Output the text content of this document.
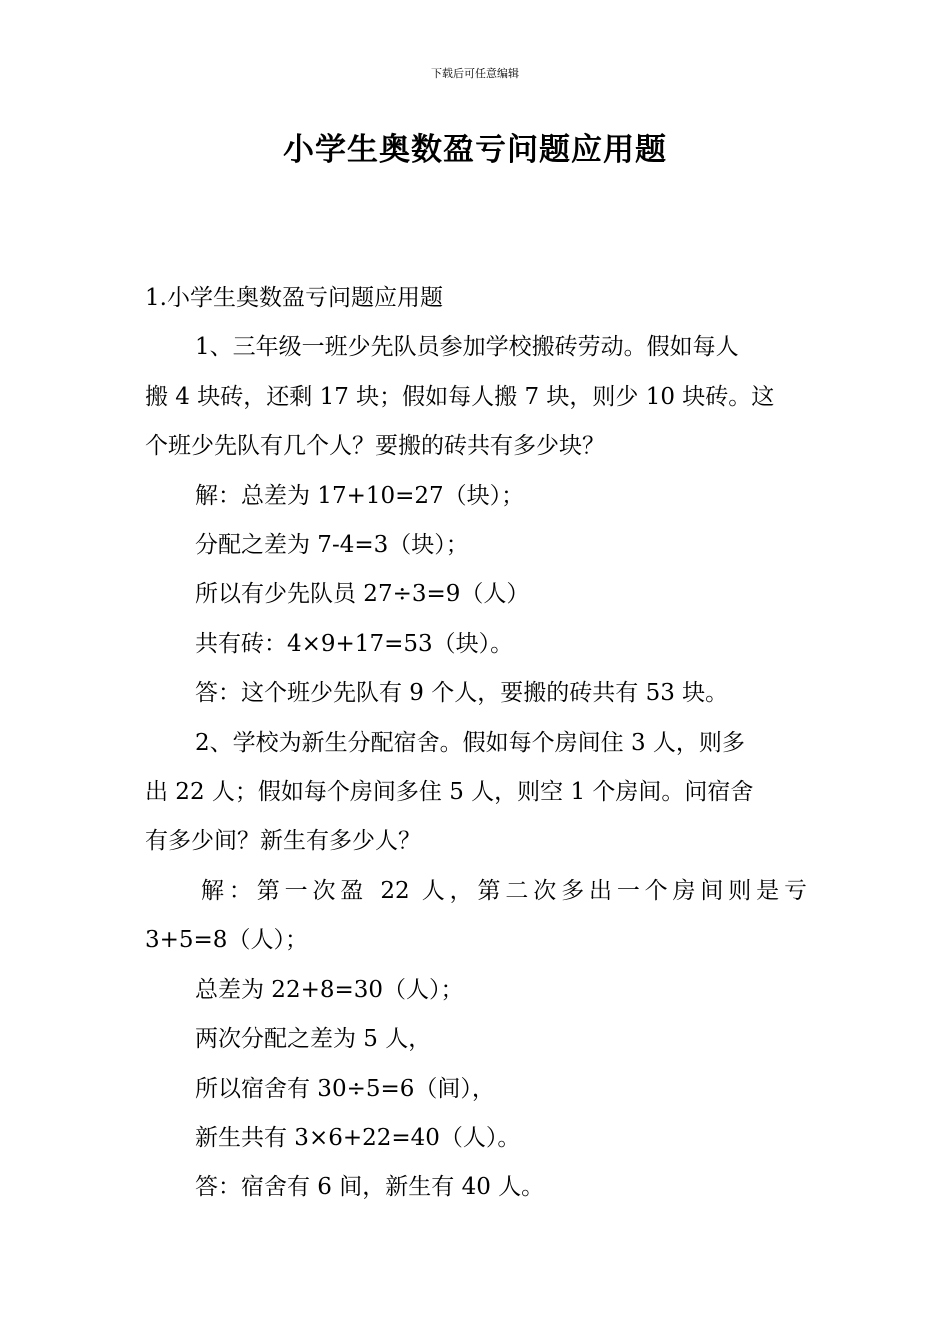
下载后可任意编辑
小学生奥数盈亏问题应用题
1.小学生奥数盈亏问题应用题
1、三年级一班少先队员参加学校搬砖劳动。假如每人
搬 4 块砖，还剩 17 块；假如每人搬 7 块，则少 10 块砖。这
个班少先队有几个人？要搬的砖共有多少块？
解：总差为 17+10=27（块）；
分配之差为 7-4=3（块）；
所以有少先队员 27÷3=9（人）
共有砖：4×9+17=53（块）。
答：这个班少先队有 9 个人，要搬的砖共有 53 块。
2、学校为新生分配宿舍。假如每个房间住 3 人，则多
出 22 人；假如每个房间多住 5 人，则空 1 个房间。问宿舍
有多少间？新生有多少人？
解：第一次盈 22 人，第二次多出一个房间则是亏
3+5=8（人）；
总差为 22+8=30（人）；
两次分配之差为 5 人，
所以宿舍有 30÷5=6（间），
新生共有 3×6+22=40（人）。
答：宿舍有 6 间，新生有 40 人。
